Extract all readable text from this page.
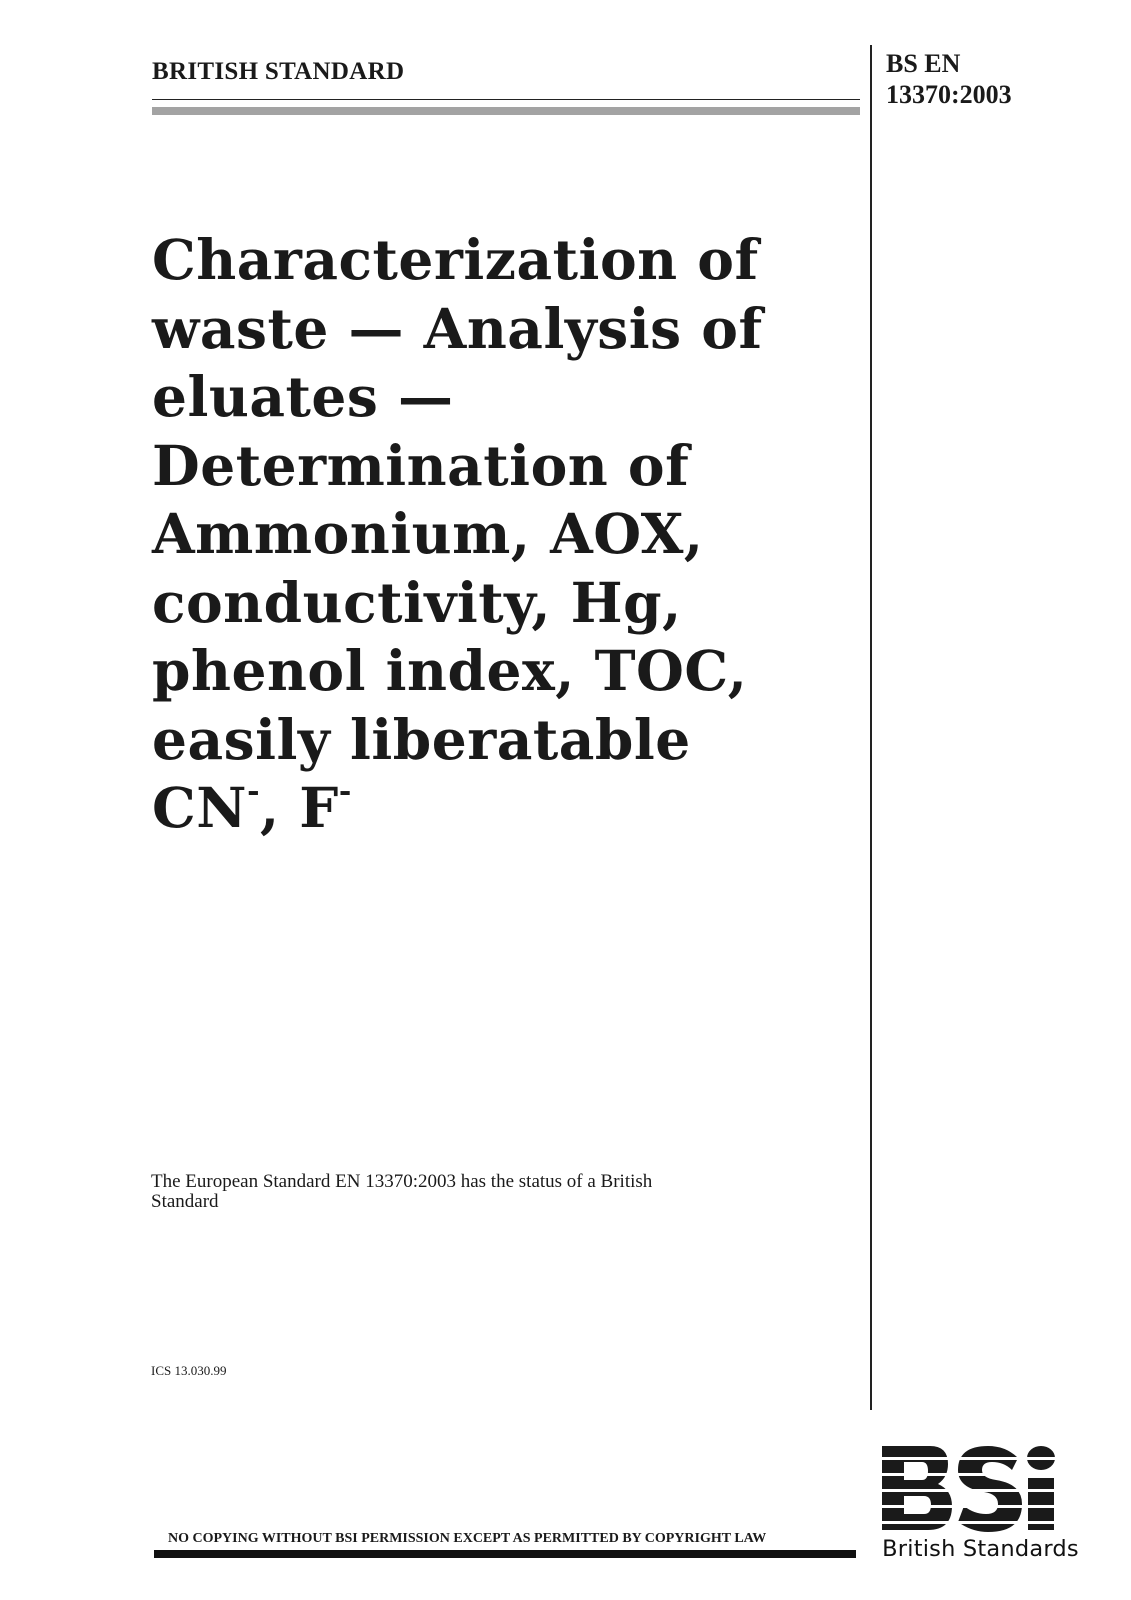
BRITISH STANDARD	BS EN
13370:2003
Characterization of
waste — Analysis of
eluates —
Determination of
Ammonium, AOX,
conductivity, Hg,
phenol index, TOC,
easily liberatable
CN-, F-
The European Standard EN 13370:2003 has the status of a British Standard
ICS 13.030.99
NO COPYING WITHOUT BSI PERMISSION EXCEPT AS PERMITTED BY COPYRIGHT LAW	British Standards
